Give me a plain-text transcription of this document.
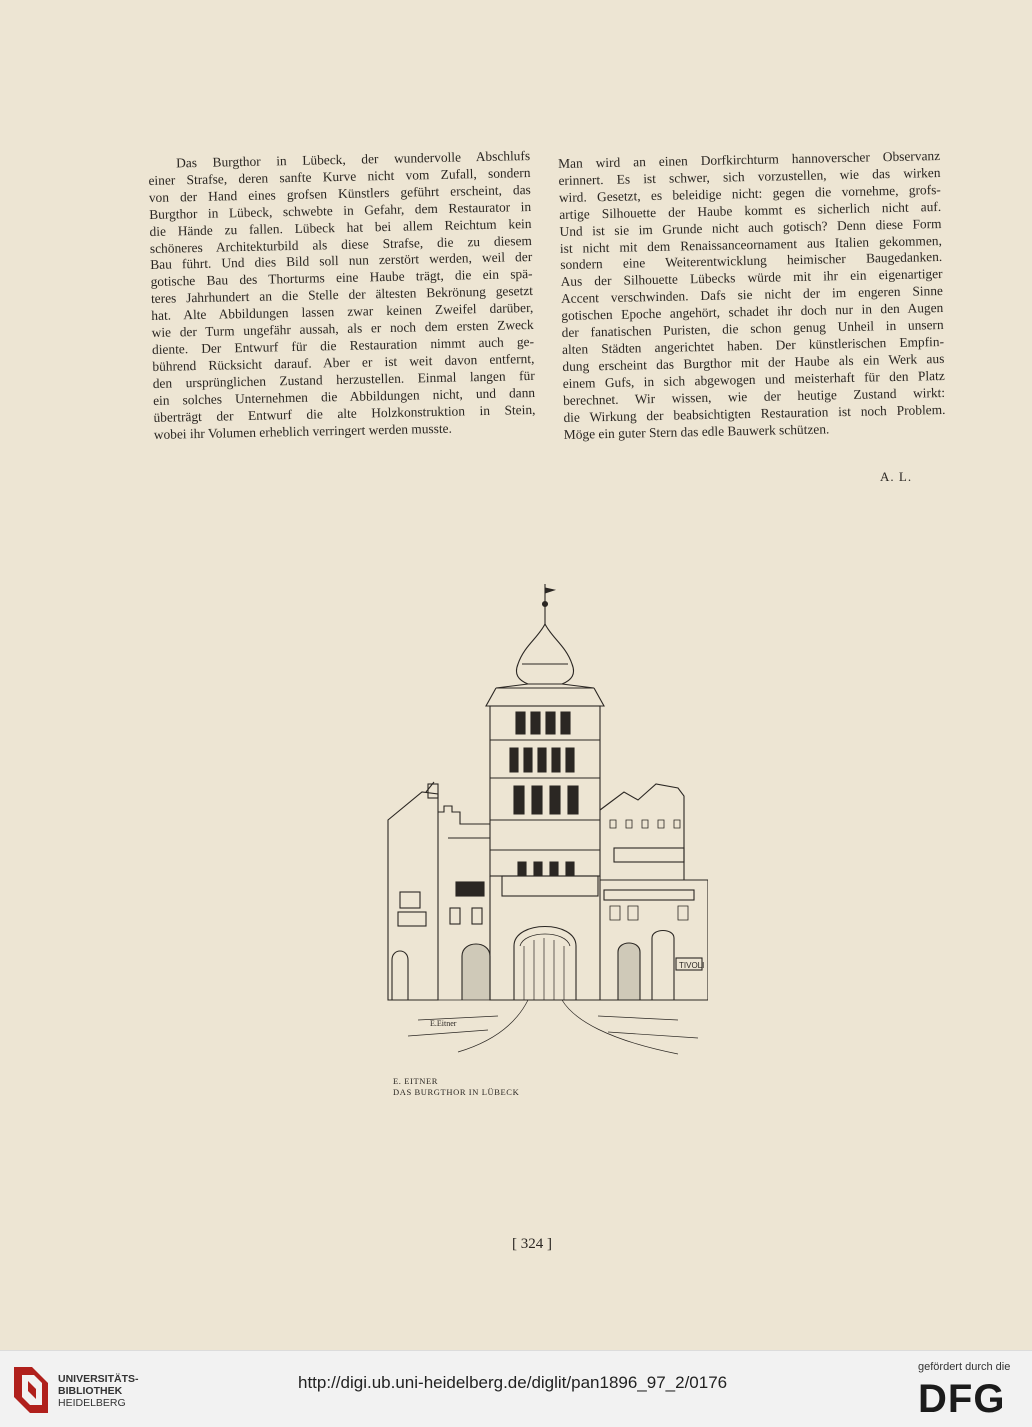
Das Burgthor in Lübeck, der wundervolle Abschlufs
einer Strafse, deren sanfte Kurve nicht vom Zufall, sondern
von der Hand eines grofsen Künstlers geführt erscheint, das
Burgthor in Lübeck, schwebte in Gefahr, dem Restaurator in
die Hände zu fallen. Lübeck hat bei allem Reichtum kein
schöneres Architekturbild als diese Strafse, die zu diesem
Bau führt. Und dies Bild soll nun zerstört werden, weil der
gotische Bau des Thorturms eine Haube trägt, die ein spä-
teres Jahrhundert an die Stelle der ältesten Bekrönung gesetzt
hat. Alte Abbildungen lassen zwar keinen Zweifel darüber,
wie der Turm ungefähr aussah, als er noch dem ersten Zweck
diente. Der Entwurf für die Restauration nimmt auch ge-
bührend Rücksicht darauf. Aber er ist weit davon entfernt,
den ursprünglichen Zustand herzustellen. Einmal langen für
ein solches Unternehmen die Abbildungen nicht, und dann
überträgt der Entwurf die alte Holzkonstruktion in Stein,
wobei ihr Volumen erheblich verringert werden musste.
Man wird an einen Dorfkirchturm hannoverscher Observanz
erinnert. Es ist schwer, sich vorzustellen, wie das wirken
wird. Gesetzt, es beleidige nicht: gegen die vornehme, grofs-
artige Silhouette der Haube kommt es sicherlich nicht auf.
Und ist sie im Grunde nicht auch gotisch? Denn diese Form
ist nicht mit dem Renaissanceornament aus Italien gekommen,
sondern eine Weiterentwicklung heimischer Baugedanken.
Aus der Silhouette Lübecks würde mit ihr ein eigenartiger
Accent verschwinden. Dafs sie nicht der im engeren Sinne
gotischen Epoche angehört, schadet ihr doch nur in den Augen
der fanatischen Puristen, die schon genug Unheil in unsern
alten Städten angerichtet haben. Der künstlerischen Empfin-
dung erscheint das Burgthor mit der Haube als ein Werk aus
einem Gufs, in sich abgewogen und meisterhaft für den Platz
berechnet. Wir wissen, wie der heutige Zustand wirkt:
die Wirkung der beabsichtigten Restauration ist noch Problem.
Möge ein guter Stern das edle Bauwerk schützen.
A. L.
TIVOLI
E.Eitner
E. EITNER
DAS BURGTHOR IN LÜBECK
[ 324 ]
UNIVERSITÄTS-
BIBLIOTHEK
HEIDELBERG
http://digi.ub.uni-heidelberg.de/diglit/pan1896_97_2/0176
gefördert durch die
DFG
